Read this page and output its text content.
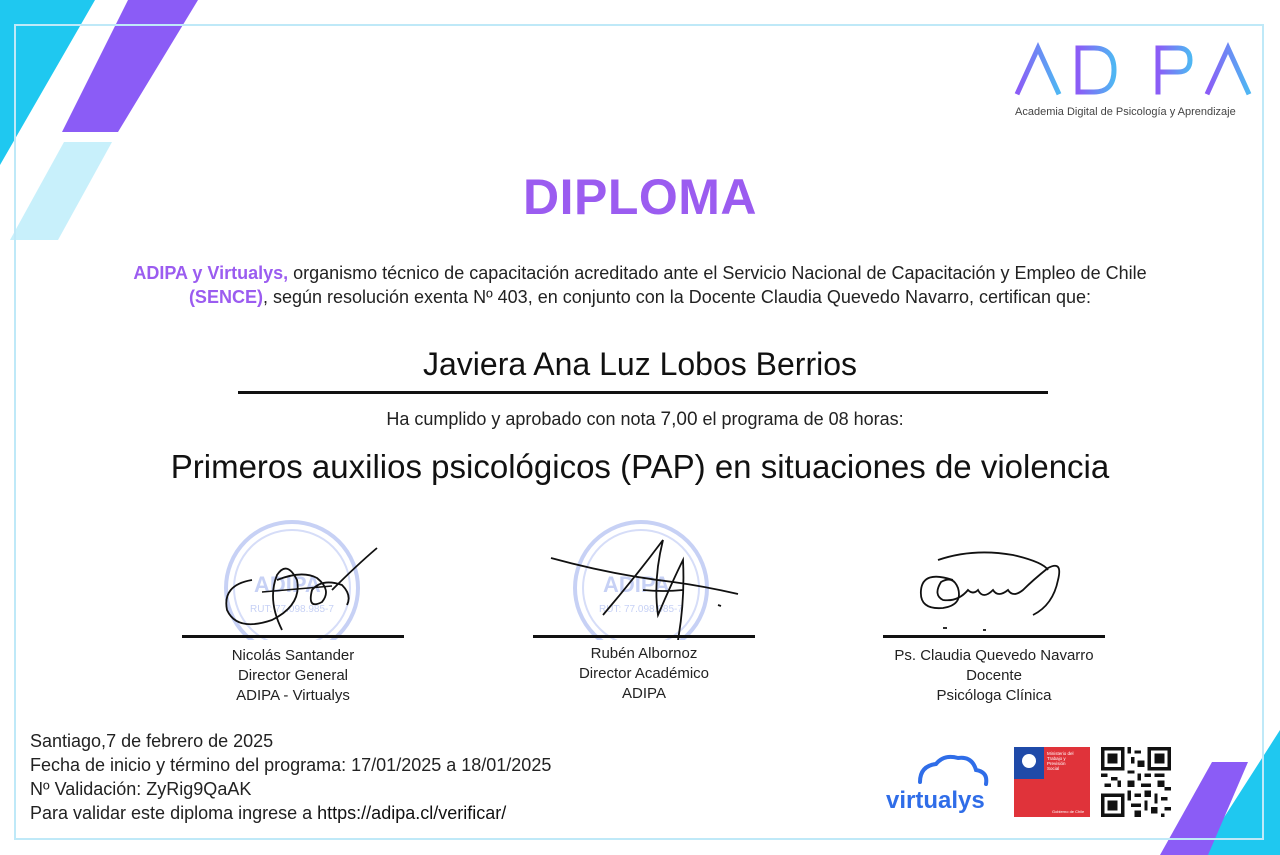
Academia Digital de Psicología y Aprendizaje
DIPLOMA
ADIPA y Virtualys, organismo técnico de capacitación acreditado ante el Servicio Nacional de Capacitación y Empleo de Chile (SENCE), según resolución exenta Nº 403, en conjunto con la Docente Claudia Quevedo Navarro, certifican que:
Javiera Ana Luz Lobos Berrios
Ha cumplido y aprobado con nota 7,00 el programa de 08 horas:
Primeros auxilios psicológicos (PAP) en situaciones de violencia
ADIPA
RUT: 77.098.985-7
Nicolás Santander
Director General
ADIPA - Virtualys
ADIPA
RUT: 77.098.985-7
Rubén Albornoz
Director Académico
ADIPA
Ps. Claudia Quevedo Navarro
Docente
Psicóloga Clínica
Santiago,7 de febrero de 2025
Fecha de inicio y término del programa: 17/01/2025 a 18/01/2025
Nº Validación: ZyRig9QaAK
Para validar este diploma ingrese a https://adipa.cl/verificar/	virtualys
Ministerio del
Trabajo y
Previsión
Social
Gobierno de Chile
